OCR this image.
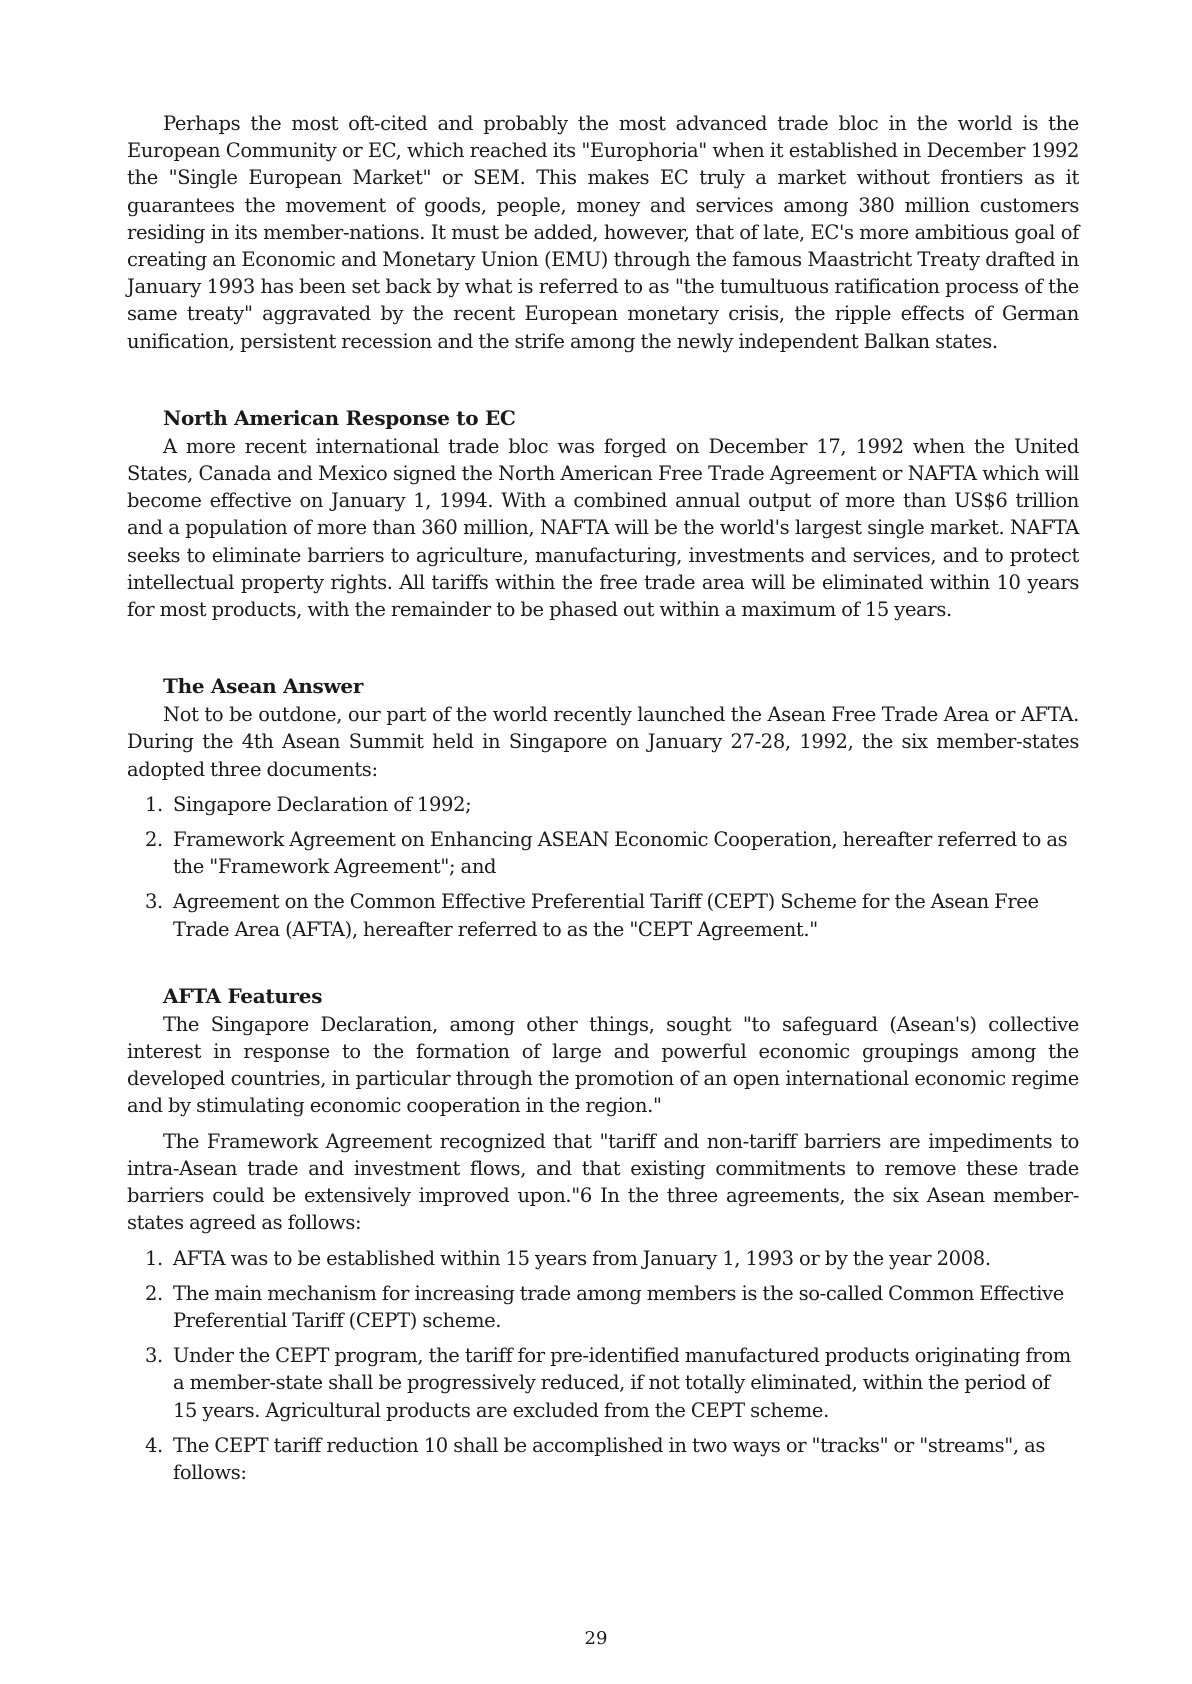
Perhaps the most oft-cited and probably the most advanced trade bloc in the world is the European Community or EC, which reached its "Europhoria" when it established in December 1992 the "Single European Market" or SEM. This makes EC truly a market without frontiers as it guarantees the movement of goods, people, money and services among 380 million customers residing in its member-nations. It must be added, however, that of late, EC's more ambitious goal of creating an Economic and Monetary Union (EMU) through the famous Maastricht Treaty drafted in January 1993 has been set back by what is referred to as "the tumultuous ratification process of the same treaty" aggravated by the recent European monetary crisis, the ripple effects of German unification, persistent recession and the strife among the newly independent Balkan states.

North American Response to EC

A more recent international trade bloc was forged on December 17, 1992 when the United States, Canada and Mexico signed the North American Free Trade Agreement or NAFTA which will become effective on January 1, 1994. With a combined annual output of more than US$6 trillion and a population of more than 360 million, NAFTA will be the world's largest single market. NAFTA seeks to eliminate barriers to agriculture, manufacturing, investments and services, and to protect intellectual property rights. All tariffs within the free trade area will be eliminated within 10 years for most products, with the remainder to be phased out within a maximum of 15 years.

The Asean Answer

Not to be outdone, our part of the world recently launched the Asean Free Trade Area or AFTA. During the 4th Asean Summit held in Singapore on January 27-28, 1992, the six member-states adopted three documents:

1. Singapore Declaration of 1992;
2. Framework Agreement on Enhancing ASEAN Economic Cooperation, hereafter referred to as the "Framework Agreement"; and
3. Agreement on the Common Effective Preferential Tariff (CEPT) Scheme for the Asean Free Trade Area (AFTA), hereafter referred to as the "CEPT Agreement."
AFTA Features

The Singapore Declaration, among other things, sought "to safeguard (Asean's) collective interest in response to the formation of large and powerful economic groupings among the developed countries, in particular through the promotion of an open international economic regime and by stimulating economic cooperation in the region."

The Framework Agreement recognized that "tariff and non-tariff barriers are impediments to intra-Asean trade and investment flows, and that existing commitments to remove these trade barriers could be extensively improved upon."6 In the three agreements, the six Asean member-states agreed as follows:

1. AFTA was to be established within 15 years from January 1, 1993 or by the year 2008.
2. The main mechanism for increasing trade among members is the so-called Common Effective Preferential Tariff (CEPT) scheme.
3. Under the CEPT program, the tariff for pre-identified manufactured products originating from a member-state shall be progressively reduced, if not totally eliminated, within the period of 15 years. Agricultural products are excluded from the CEPT scheme.
4. The CEPT tariff reduction 10 shall be accomplished in two ways or "tracks" or "streams", as follows:
29
